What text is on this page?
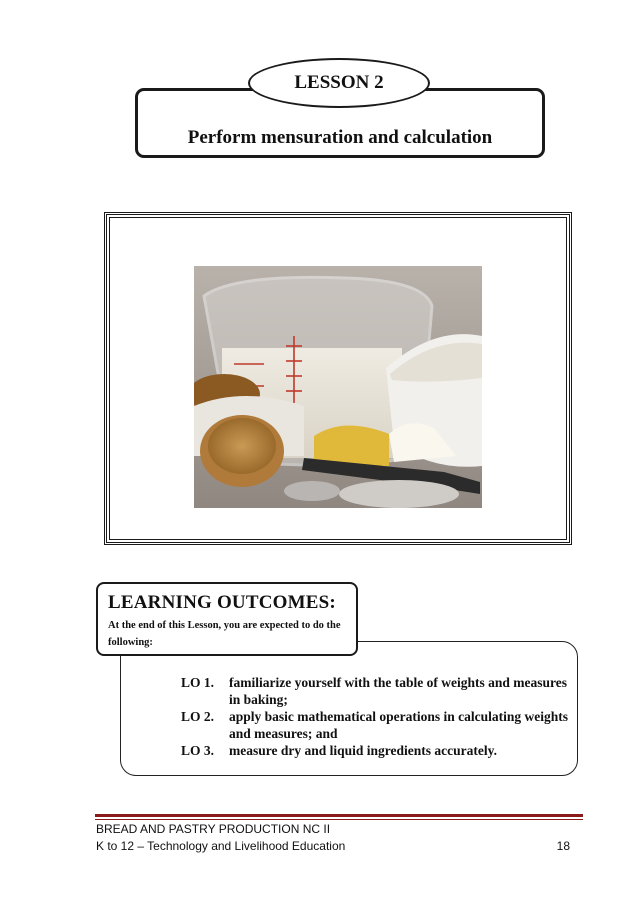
Perform mensuration and calculation
LESSON 2
LEARNING OUTCOMES:
At the end of this Lesson, you are expected to do the following:
LO 1.	familiarize yourself with the table of weights and measures in baking;
LO 2.	apply basic mathematical operations in calculating weights and measures; and
LO 3.	measure dry and liquid ingredients accurately.
BREAD AND PASTRY PRODUCTION NC II
K to 12 – Technology and Livelihood Education	18
